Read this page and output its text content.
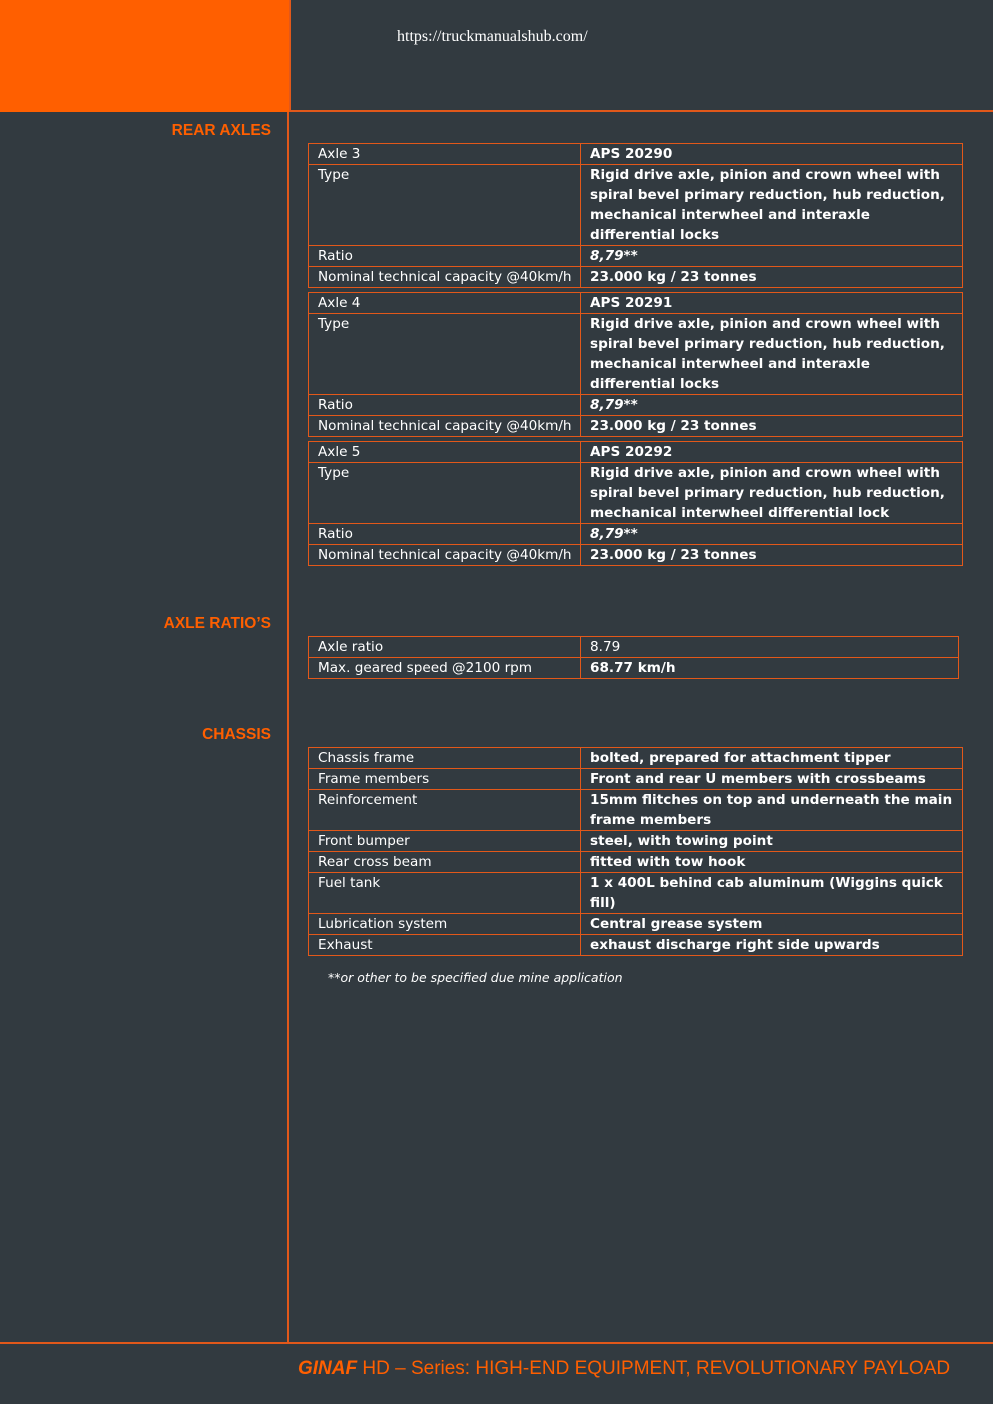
https://truckmanualshub.com/
REAR AXLES
Axle 3	APS 20290
Type	Rigid drive axle, pinion and crown wheel with spiral bevel primary reduction, hub reduction, mechanical interwheel and interaxle differential locks
Ratio	8,79**
Nominal technical capacity @40km/h	23.000 kg / 23 tonnes
Axle 4	APS 20291
Type	Rigid drive axle, pinion and crown wheel with spiral bevel primary reduction, hub reduction, mechanical interwheel and interaxle differential locks
Ratio	8,79**
Nominal technical capacity @40km/h	23.000 kg / 23 tonnes
Axle 5	APS 20292
Type	Rigid drive axle, pinion and crown wheel with spiral bevel primary reduction, hub reduction, mechanical interwheel differential lock
Ratio	8,79**
Nominal technical capacity @40km/h	23.000 kg / 23 tonnes
AXLE RATIO’S
Axle ratio	8.79
Max. geared speed @2100 rpm	68.77 km/h
CHASSIS
Chassis frame	bolted, prepared for attachment tipper
Frame members	Front and rear U members with crossbeams
Reinforcement	15mm flitches on top and underneath the main frame members
Front bumper	steel, with towing point
Rear cross beam	fitted with tow hook
Fuel tank	1 x 400L behind cab aluminum (Wiggins quick fill)
Lubrication system	Central grease system
Exhaust	exhaust discharge right side upwards
**or other to be specified due mine application
GINAF HD – Series: HIGH-END EQUIPMENT, REVOLUTIONARY PAYLOAD
